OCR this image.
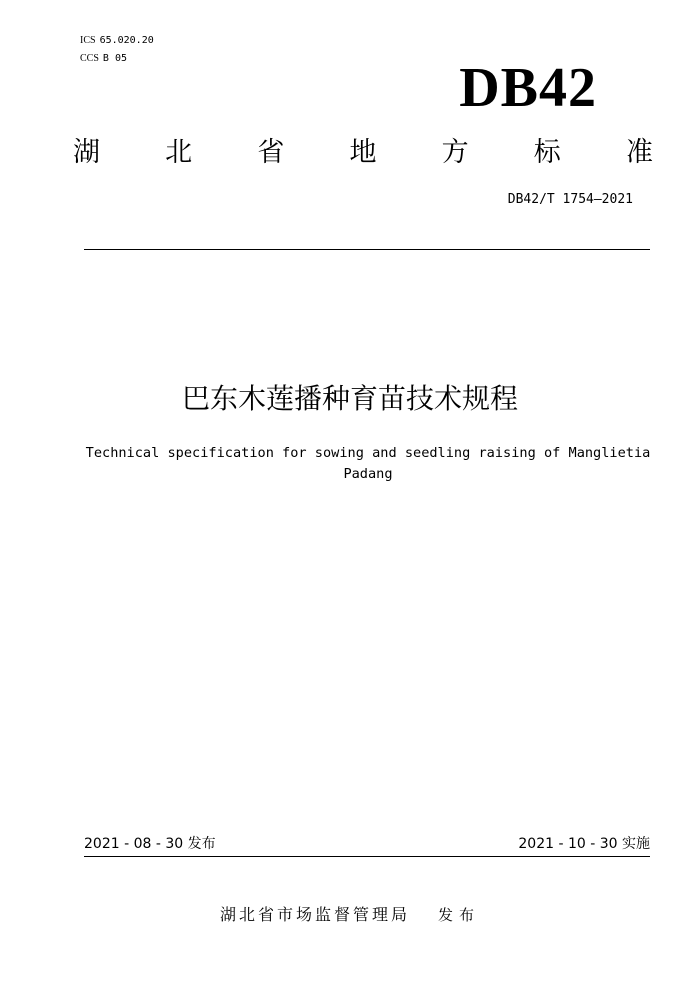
ICS 65.020.20
CCS B 05	DB42
湖 北 省 地 方 标 准
DB42/T 1754—2021
巴东木莲播种育苗技术规程
Technical specification for sowing and seedling raising of Manglietia Padang
2021 - 08 - 30 发布	2021 - 10 - 30 实施
湖北省市场监督管理局 发布
